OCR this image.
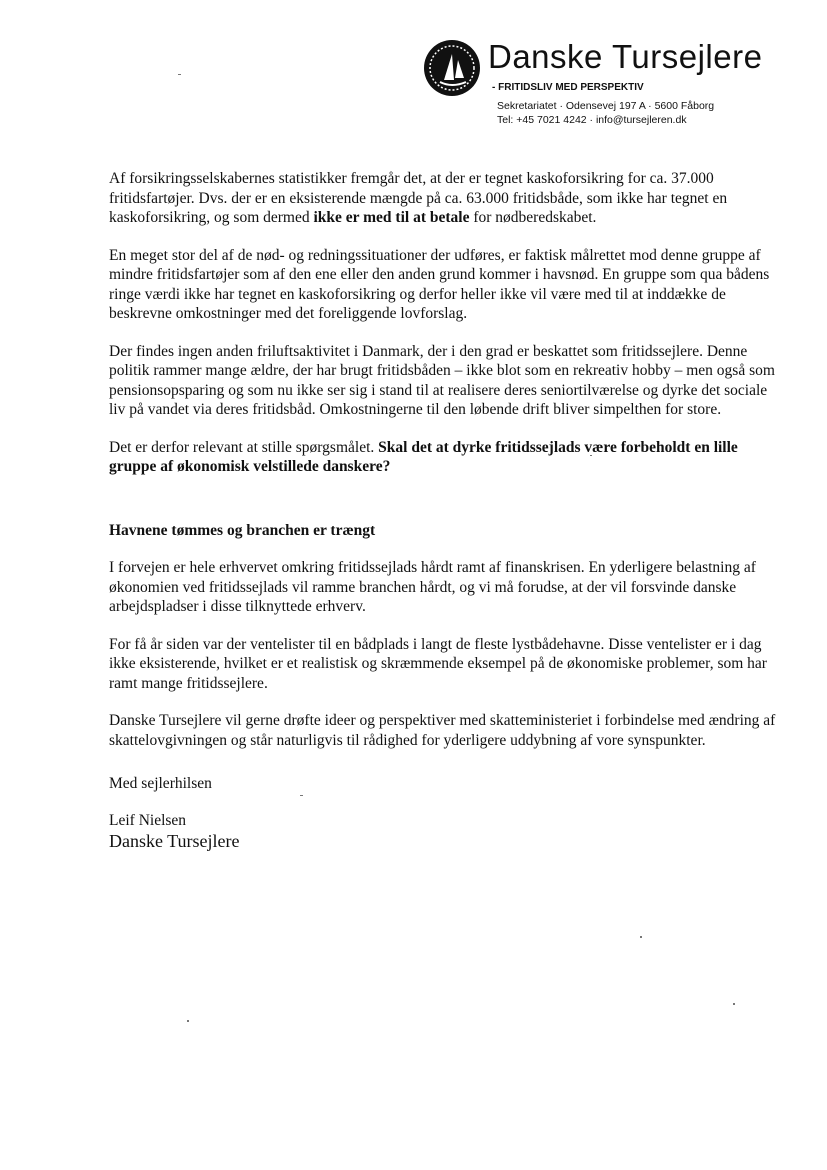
Danske Tursejlere
- FRITIDSLIV MED PERSPEKTIV
Sekretariatet · Odensevej 197 A · 5600 Fåborg
Tel: +45 7021 4242 · info@tursejleren.dk

Af forsikringsselskabernes statistikker fremgår det, at der er tegnet kaskoforsikring for ca. 37.000 fritidsfartøjer. Dvs. der er en eksisterende mængde på ca. 63.000 fritidsbåde, som ikke har tegnet en kaskoforsikring, og som dermed ikke er med til at betale for nødberedskabet.

En meget stor del af de nød- og redningssituationer der udføres, er faktisk målrettet mod denne gruppe af mindre fritidsfartøjer som af den ene eller den anden grund kommer i havsnød. En gruppe som qua bådens ringe værdi ikke har tegnet en kaskoforsikring og derfor heller ikke vil være med til at inddække de beskrevne omkostninger med det foreliggende lovforslag.

Der findes ingen anden friluftsaktivitet i Danmark, der i den grad er beskattet som fritidssejlere. Denne politik rammer mange ældre, der har brugt fritidsbåden – ikke blot som en rekreativ hobby – men også som pensionsopsparing og som nu ikke ser sig i stand til at realisere deres seniortilværelse og dyrke det sociale liv på vandet via deres fritidsbåd. Omkostningerne til den løbende drift bliver simpelthen for store.

Det er derfor relevant at stille spørgsmålet. Skal det at dyrke fritidssejlads være forbeholdt en lille gruppe af økonomisk velstillede danskere?

Havnene tømmes og branchen er trængt

I forvejen er hele erhvervet omkring fritidssejlads hårdt ramt af finanskrisen. En yderligere belastning af økonomien ved fritidssejlads vil ramme branchen hårdt, og vi må forudse, at der vil forsvinde danske arbejdspladser i disse tilknyttede erhverv.

For få år siden var der ventelister til en bådplads i langt de fleste lystbådehavne. Disse ventelister er i dag ikke eksisterende, hvilket er et realistisk og skræmmende eksempel på de økonomiske problemer, som har ramt mange fritidssejlere.

Danske Tursejlere vil gerne drøfte ideer og perspektiver med skatteministeriet i forbindelse med ændring af skattelovgivningen og står naturligvis til rådighed for yderligere uddybning af vore synspunkter.

Med sejlerhilsen

Leif Nielsen

Danske Tursejlere
